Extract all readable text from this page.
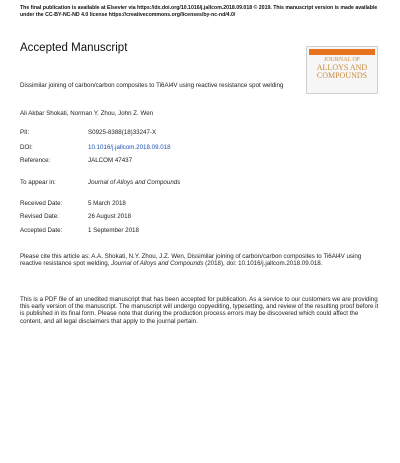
The final publication is available at Elsevier via https://dx.doi.org/10.1016/j.jallcom.2018.09.018 © 2019. This manuscript version is made available under the CC-BY-NC-ND 4.0 license https://creativecommons.org/licenses/by-nc-nd/4.0/
Accepted Manuscript
JOURNAL OF
ALLOYS AND
COMPOUNDS
Dissimilar joining of carbon/carbon composites to Ti6Al4V using reactive resistance spot welding
Ali Akbar Shokati, Norman Y. Zhou, John Z. Wen
PII:	S0925-8388(18)33247-X
DOI:	10.1016/j.jallcom.2018.09.018
Reference:	JALCOM 47437
To appear in:	Journal of Alloys and Compounds
Received Date:	5 March 2018
Revised Date:	26 August 2018
Accepted Date:	1 September 2018
Please cite this article as: A.A. Shokati, N.Y. Zhou, J.Z. Wen, Dissimilar joining of carbon/carbon composites to Ti6Al4V using reactive resistance spot welding, Journal of Alloys and Compounds (2018), doi: 10.1016/j.jallcom.2018.09.018.
This is a PDF file of an unedited manuscript that has been accepted for publication. As a service to our customers we are providing this early version of the manuscript. The manuscript will undergo copyediting, typesetting, and review of the resulting proof before it is published in its final form. Please note that during the production process errors may be discovered which could affect the content, and all legal disclaimers that apply to the journal pertain.
